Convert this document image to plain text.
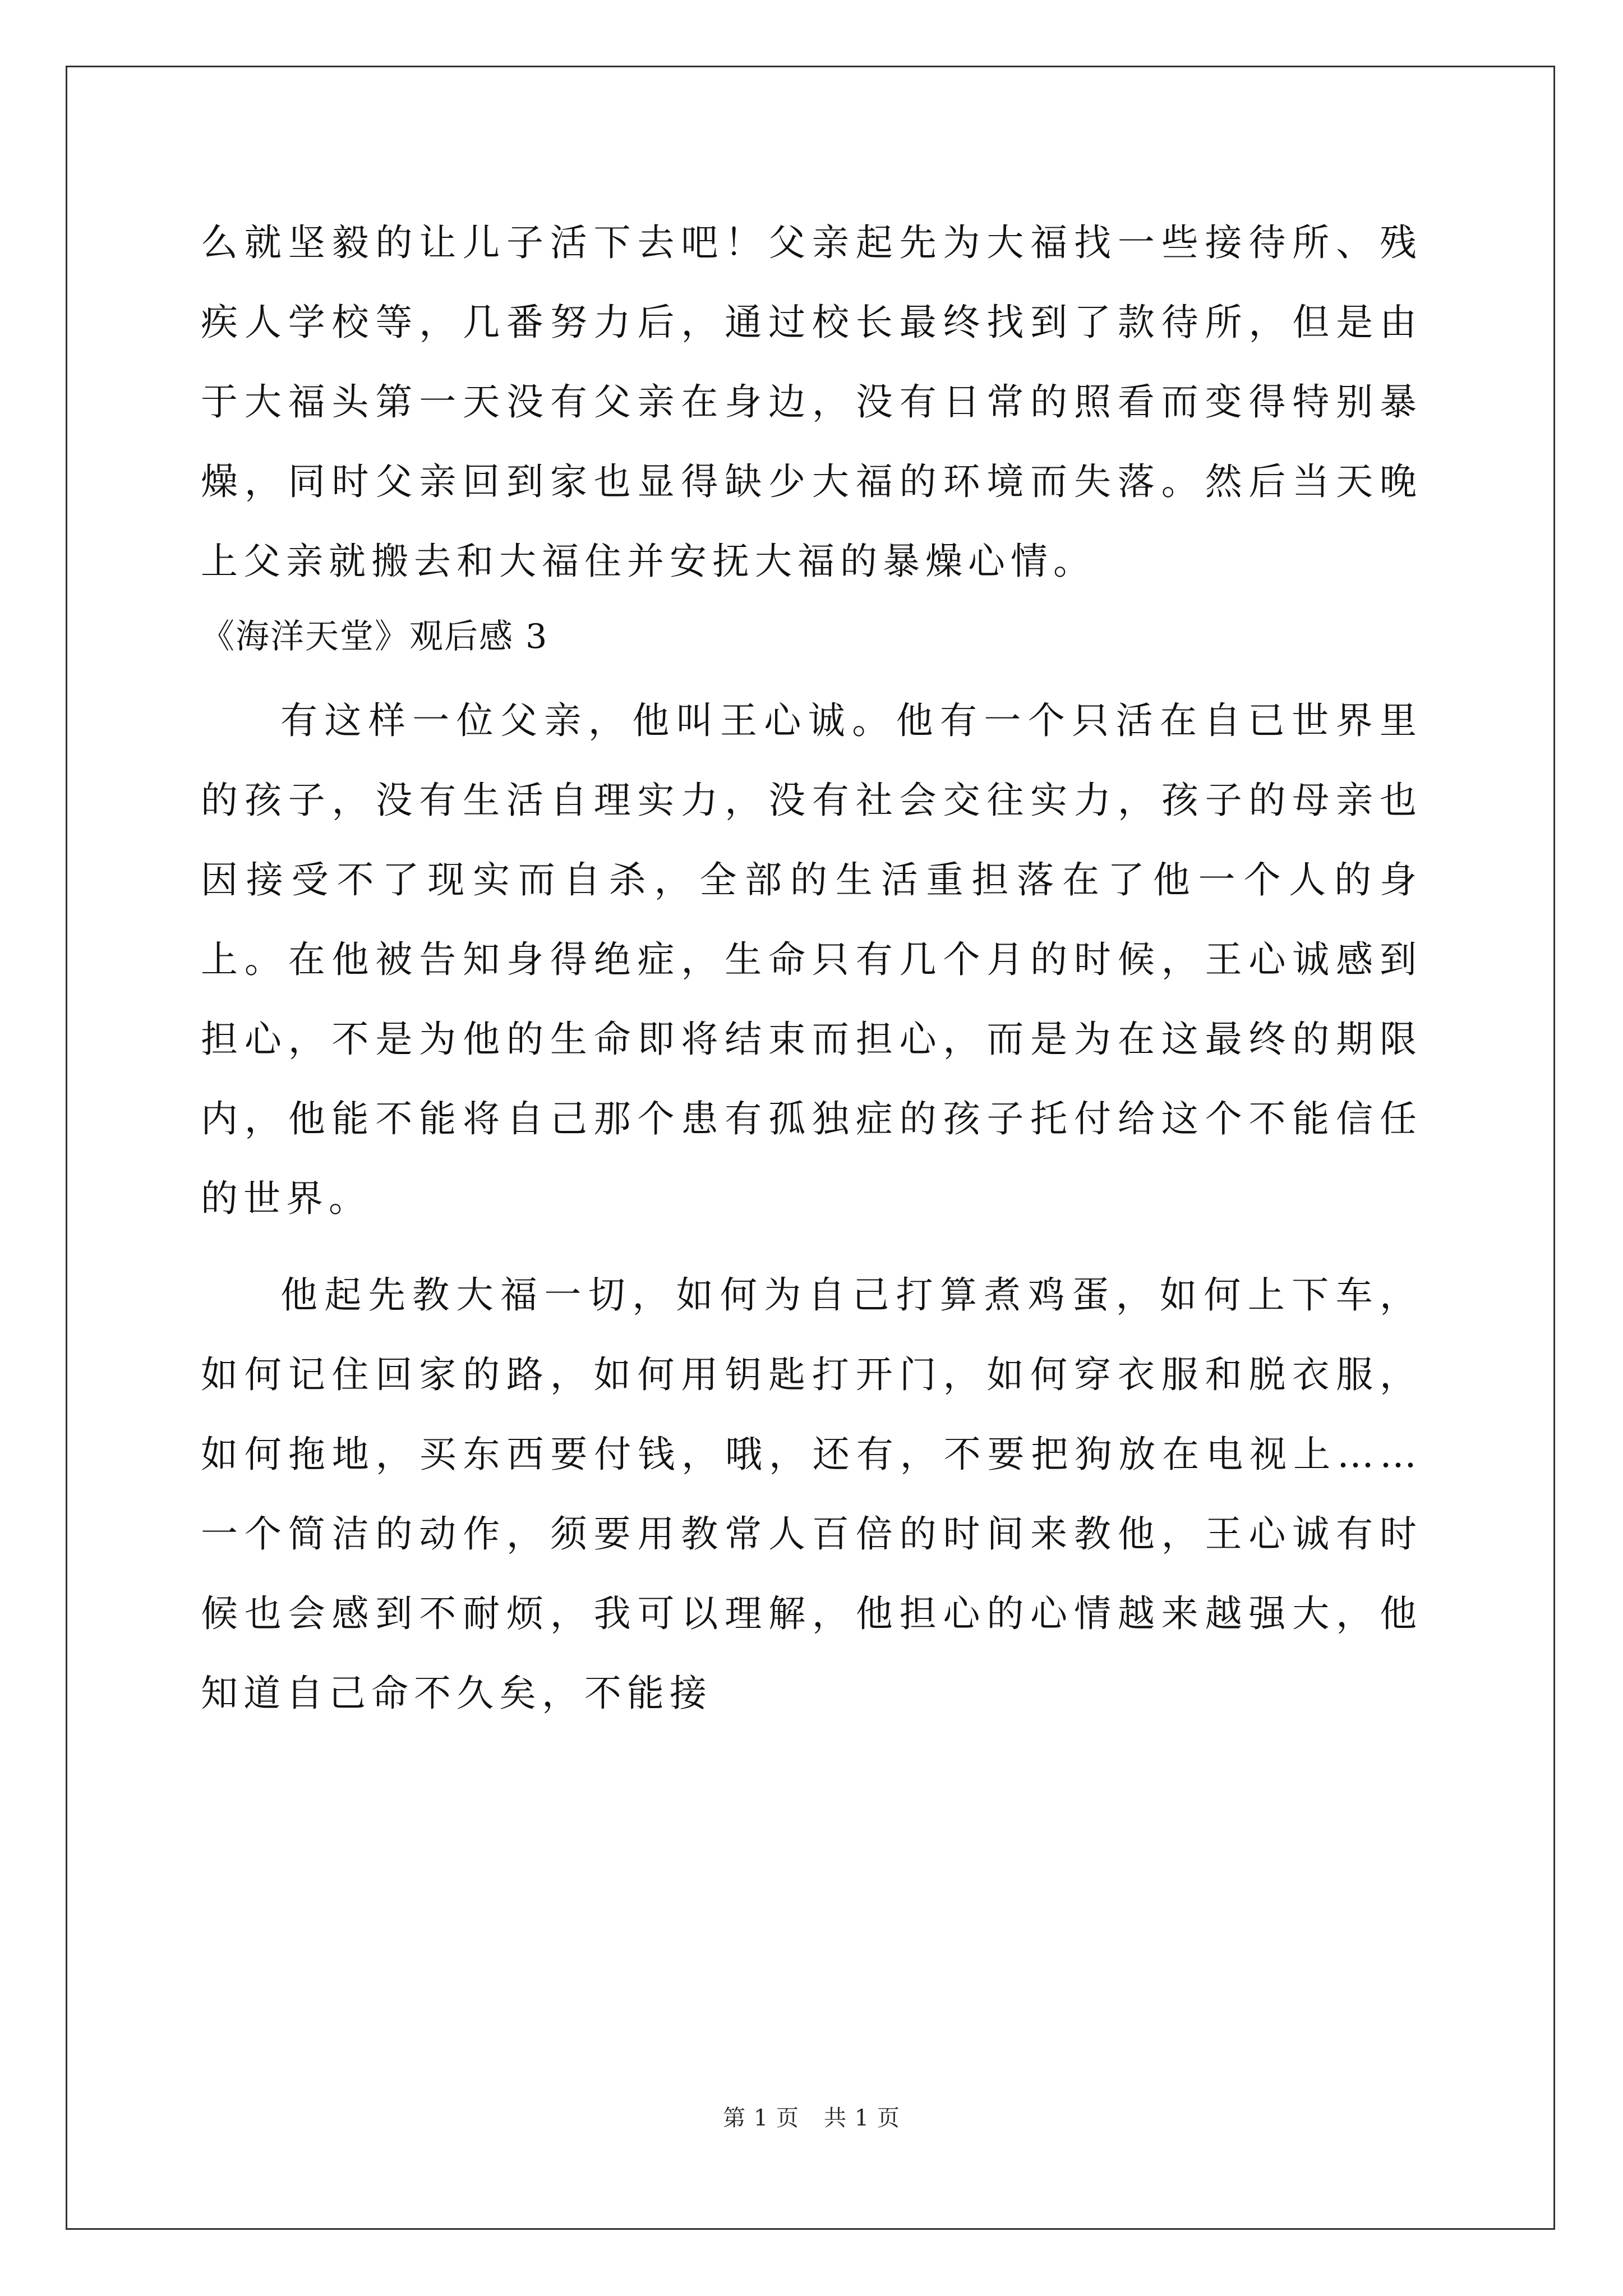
么就坚毅的让儿子活下去吧！父亲起先为大福找一些接待所、残疾人学校等，几番努力后，通过校长最终找到了款待所，但是由于大福头第一天没有父亲在身边，没有日常的照看而变得特别暴燥，同时父亲回到家也显得缺少大福的环境而失落。然后当天晚上父亲就搬去和大福住并安抚大福的暴燥心情。

《海洋天堂》观后感 3

有这样一位父亲，他叫王心诚。他有一个只活在自已世界里的孩子，没有生活自理实力，没有社会交往实力，孩子的母亲也因接受不了现实而自杀，全部的生活重担落在了他一个人的身上。在他被告知身得绝症，生命只有几个月的时候，王心诚感到担心，不是为他的生命即将结束而担心，而是为在这最终的期限内，他能不能将自己那个患有孤独症的孩子托付给这个不能信任的世界。

他起先教大福一切，如何为自己打算煮鸡蛋，如何上下车，如何记住回家的路，如何用钥匙打开门，如何穿衣服和脱衣服，如何拖地，买东西要付钱，哦，还有，不要把狗放在电视上……一个简洁的动作，须要用教常人百倍的时间来教他，王心诚有时候也会感到不耐烦，我可以理解，他担心的心情越来越强大，他知道自己命不久矣，不能接

第 1 页 共 1 页
